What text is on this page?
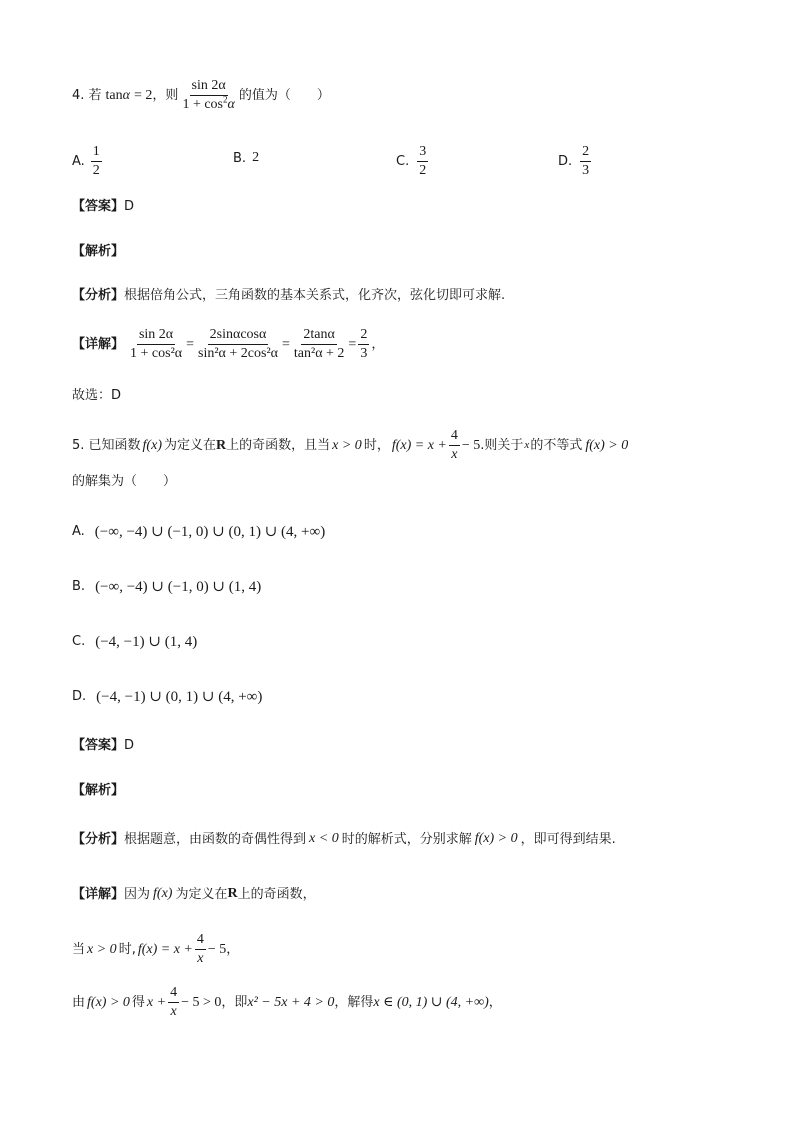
4. 若 tan α = 2 ，则 $\frac{\sin 2\alpha}{1 + \cos^2\alpha}$ 的值为（　　）
A. $\frac{1}{2}$	B. 2	C. $\frac{3}{2}$	D. $\frac{2}{3}$
【答案】 D
【解析】
【分析】 根据倍角公式，三角函数的基本关系式，化齐次，弦化切即可求解.
【详解】 $\frac{\sin 2\alpha}{\text{1 + cos²α}} = \frac{2\sin\alpha\cos\alpha}{\text{sin²α + 2cos²α}} = \frac{2\tan\alpha}{\text{tan²α + 2}} = \frac{2}{3}$ ，
故选：D
5. 已知函数 f(x) 为定义在 R 上的奇函数，且当 x > 0 时， $f(x) = x + \frac{4}{x} - 5$ .则关于 x 的不等式 f(x) > 0
的解集为（　　）
A. (−∞, −4) ∪ (−1, 0) ∪ (0, 1) ∪ (4, +∞)
B. (−∞, −4) ∪ (−1, 0) ∪ (1, 4)
C. (−4, −1) ∪ (1, 4)
D. (−4, −1) ∪ (0, 1) ∪ (4, +∞)
【答案】 D
【解析】
【分析】 根据题意，由函数的奇偶性得到 x < 0 时的解析式，分别求解 f(x) > 0 ，即可得到结果.
【详解】 因为 f(x) 为定义在 R 上的奇函数，
当 x > 0 时, $f(x) = x + \frac{4}{x} - 5$ ，
由 f(x) > 0 得 $x + \frac{4}{x} - 5 > 0$ ，即 x² − 5x + 4 > 0 ，解得 x ∈ (0, 1) ∪ (4, +∞) ，
